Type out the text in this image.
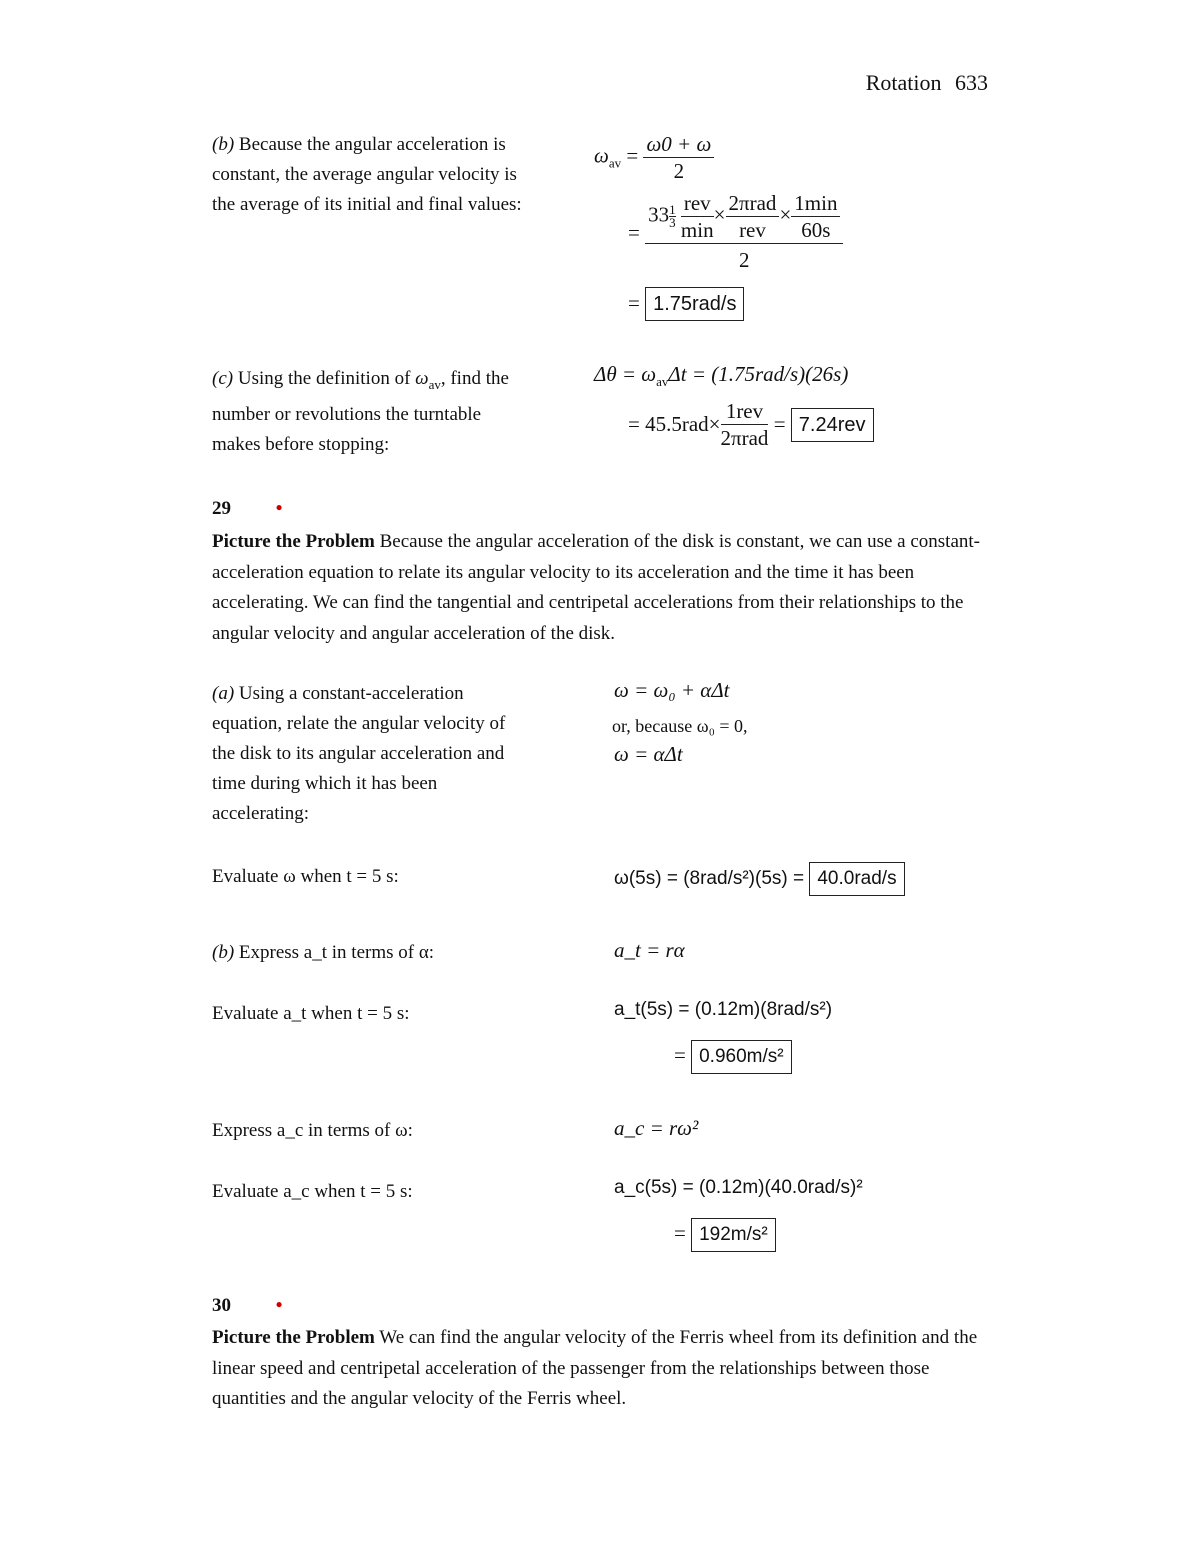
Rotation 633
(b) Because the angular acceleration is constant, the average angular velocity is the average of its initial and final values:
$\omega_{av} = \frac{\omega 0 + \omega}{2}$
= $33 \frac{1}{3}$
$\frac{\text{rev}}{\min} \times \frac{\text{2πrad}}{\text{rev}} \times \frac{1\min}{60s}$
2
= 1.75rad/s
(c) Using the definition of $\omega_{av}$, find the number or revolutions the turntable makes before stopping:
$\Delta\theta = \omega_{av}\Delta t = (1.75rad/s)(26s)$
= $45.5rad\times \frac{\text{1rev}}{\text{2πrad}} = 7.24rev$
29 •
Picture the Problem Because the angular acceleration of the disk is constant, we can use a constant-acceleration equation to relate its angular velocity to its acceleration and the time it has been accelerating. We can find the tangential and centripetal accelerations from their relationships to the angular velocity and angular acceleration of the disk.
(a) Using a constant-acceleration equation, relate the angular velocity of the disk to its angular acceleration and time during which it has been accelerating:
ω = ω₀ + αΔt
or, because ω₀ = 0,
ω = αΔt
Evaluate ω when t = 5 s:	ω(5s) = (8rad/s²)(5s) = 40.0rad/s
(b) Express a_t in terms of α:	a_t = rα
Evaluate a_t when t = 5 s:	a_t(5s) = (0.12m)(8rad/s²)
= 0.960m/s²
Express a_c in terms of ω:	a_c = rω²
Evaluate a_c when t = 5 s:	a_c(5s) = (0.12m)(40.0rad/s)²
= 192m/s²
30 •
Picture the Problem We can find the angular velocity of the Ferris wheel from its definition and the linear speed and centripetal acceleration of the passenger from the relationships between those quantities and the angular velocity of the Ferris wheel.
